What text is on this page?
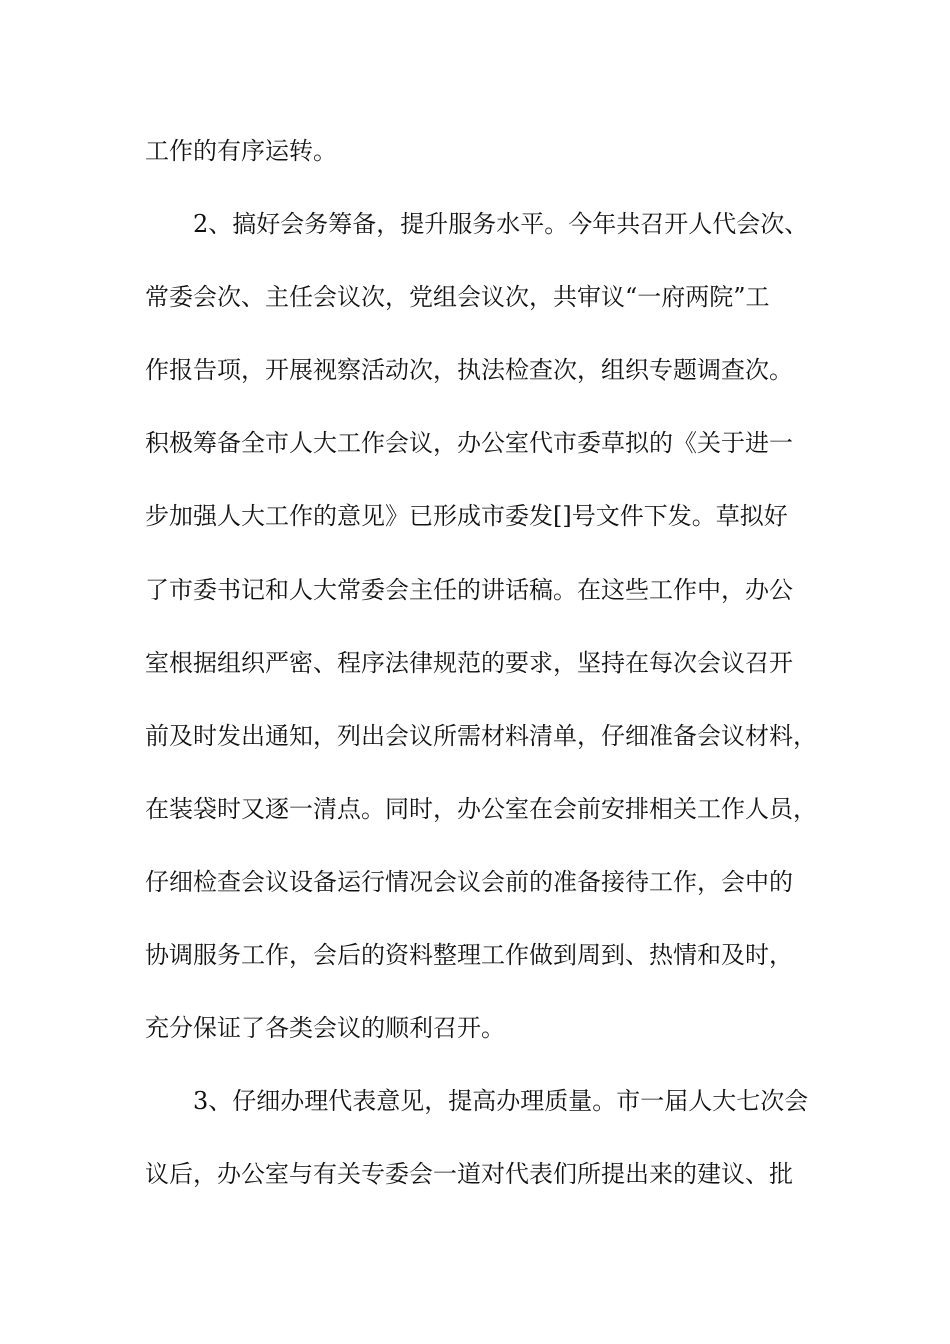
工作的有序运转。
2、搞好会务筹备，提升服务水平。今年共召开人代会次、
常委会次、主任会议次，党组会议次，共审议“一府两院”工
作报告项，开展视察活动次，执法检查次，组织专题调查次。
积极筹备全市人大工作会议，办公室代市委草拟的《关于进一
步加强人大工作的意见》已形成市委发[]号文件下发。草拟好
了市委书记和人大常委会主任的讲话稿。在这些工作中，办公
室根据组织严密、程序法律规范的要求，坚持在每次会议召开
前及时发出通知，列出会议所需材料清单，仔细准备会议材料，
在装袋时又逐一清点。同时，办公室在会前安排相关工作人员，
仔细检查会议设备运行情况会议会前的准备接待工作，会中的
协调服务工作，会后的资料整理工作做到周到、热情和及时，
充分保证了各类会议的顺利召开。
3、仔细办理代表意见，提高办理质量。市一届人大七次会
议后，办公室与有关专委会一道对代表们所提出来的建议、批
